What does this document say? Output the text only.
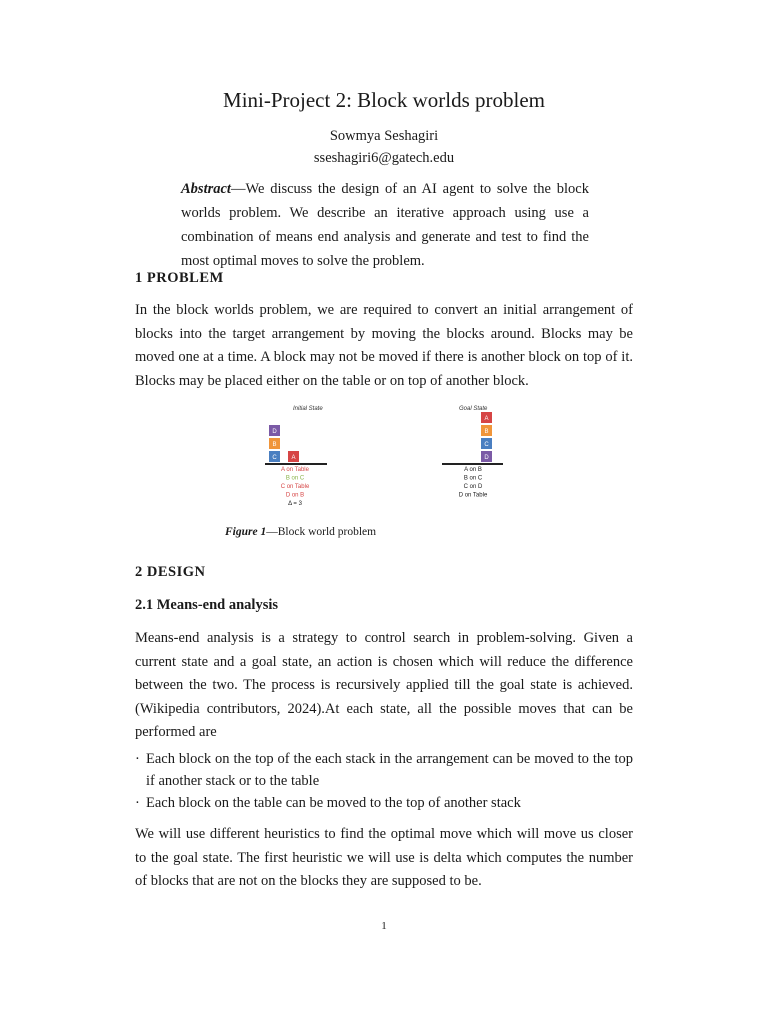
Mini-Project 2: Block worlds problem
Sowmya Seshagiri
sseshagiri6@gatech.edu
Abstract—We discuss the design of an AI agent to solve the block worlds problem. We describe an iterative approach using use a combination of means end analysis and generate and test to find the most optimal moves to solve the problem.
1 PROBLEM
In the block worlds problem, we are required to convert an initial arrangement of blocks into the target arrangement by moving the blocks around. Blocks may be moved one at a time. A block may not be moved if there is another block on top of it. Blocks may be placed either on the table or on top of another block.
Initial State	Goal State
D
B
C A
A
B
C
D
A on Table
B on C
C on Table
D on B
Δ = 3
A on B
B on C
C on D
D on Table
Figure 1—Block world problem
2 DESIGN
2.1 Means-end analysis
Means-end analysis is a strategy to control search in problem-solving. Given a current state and a goal state, an action is chosen which will reduce the difference between the two. The process is recursively applied till the goal state is achieved.(Wikipedia contributors, 2024).At each state, all the possible moves that can be performed are
· Each block on the top of the each stack in the arrangement can be moved to the top if another stack or to the table
· Each block on the table can be moved to the top of another stack
We will use different heuristics to find the optimal move which will move us closer to the goal state. The first heuristic we will use is delta which computes the number of blocks that are not on the blocks they are supposed to be.
1
